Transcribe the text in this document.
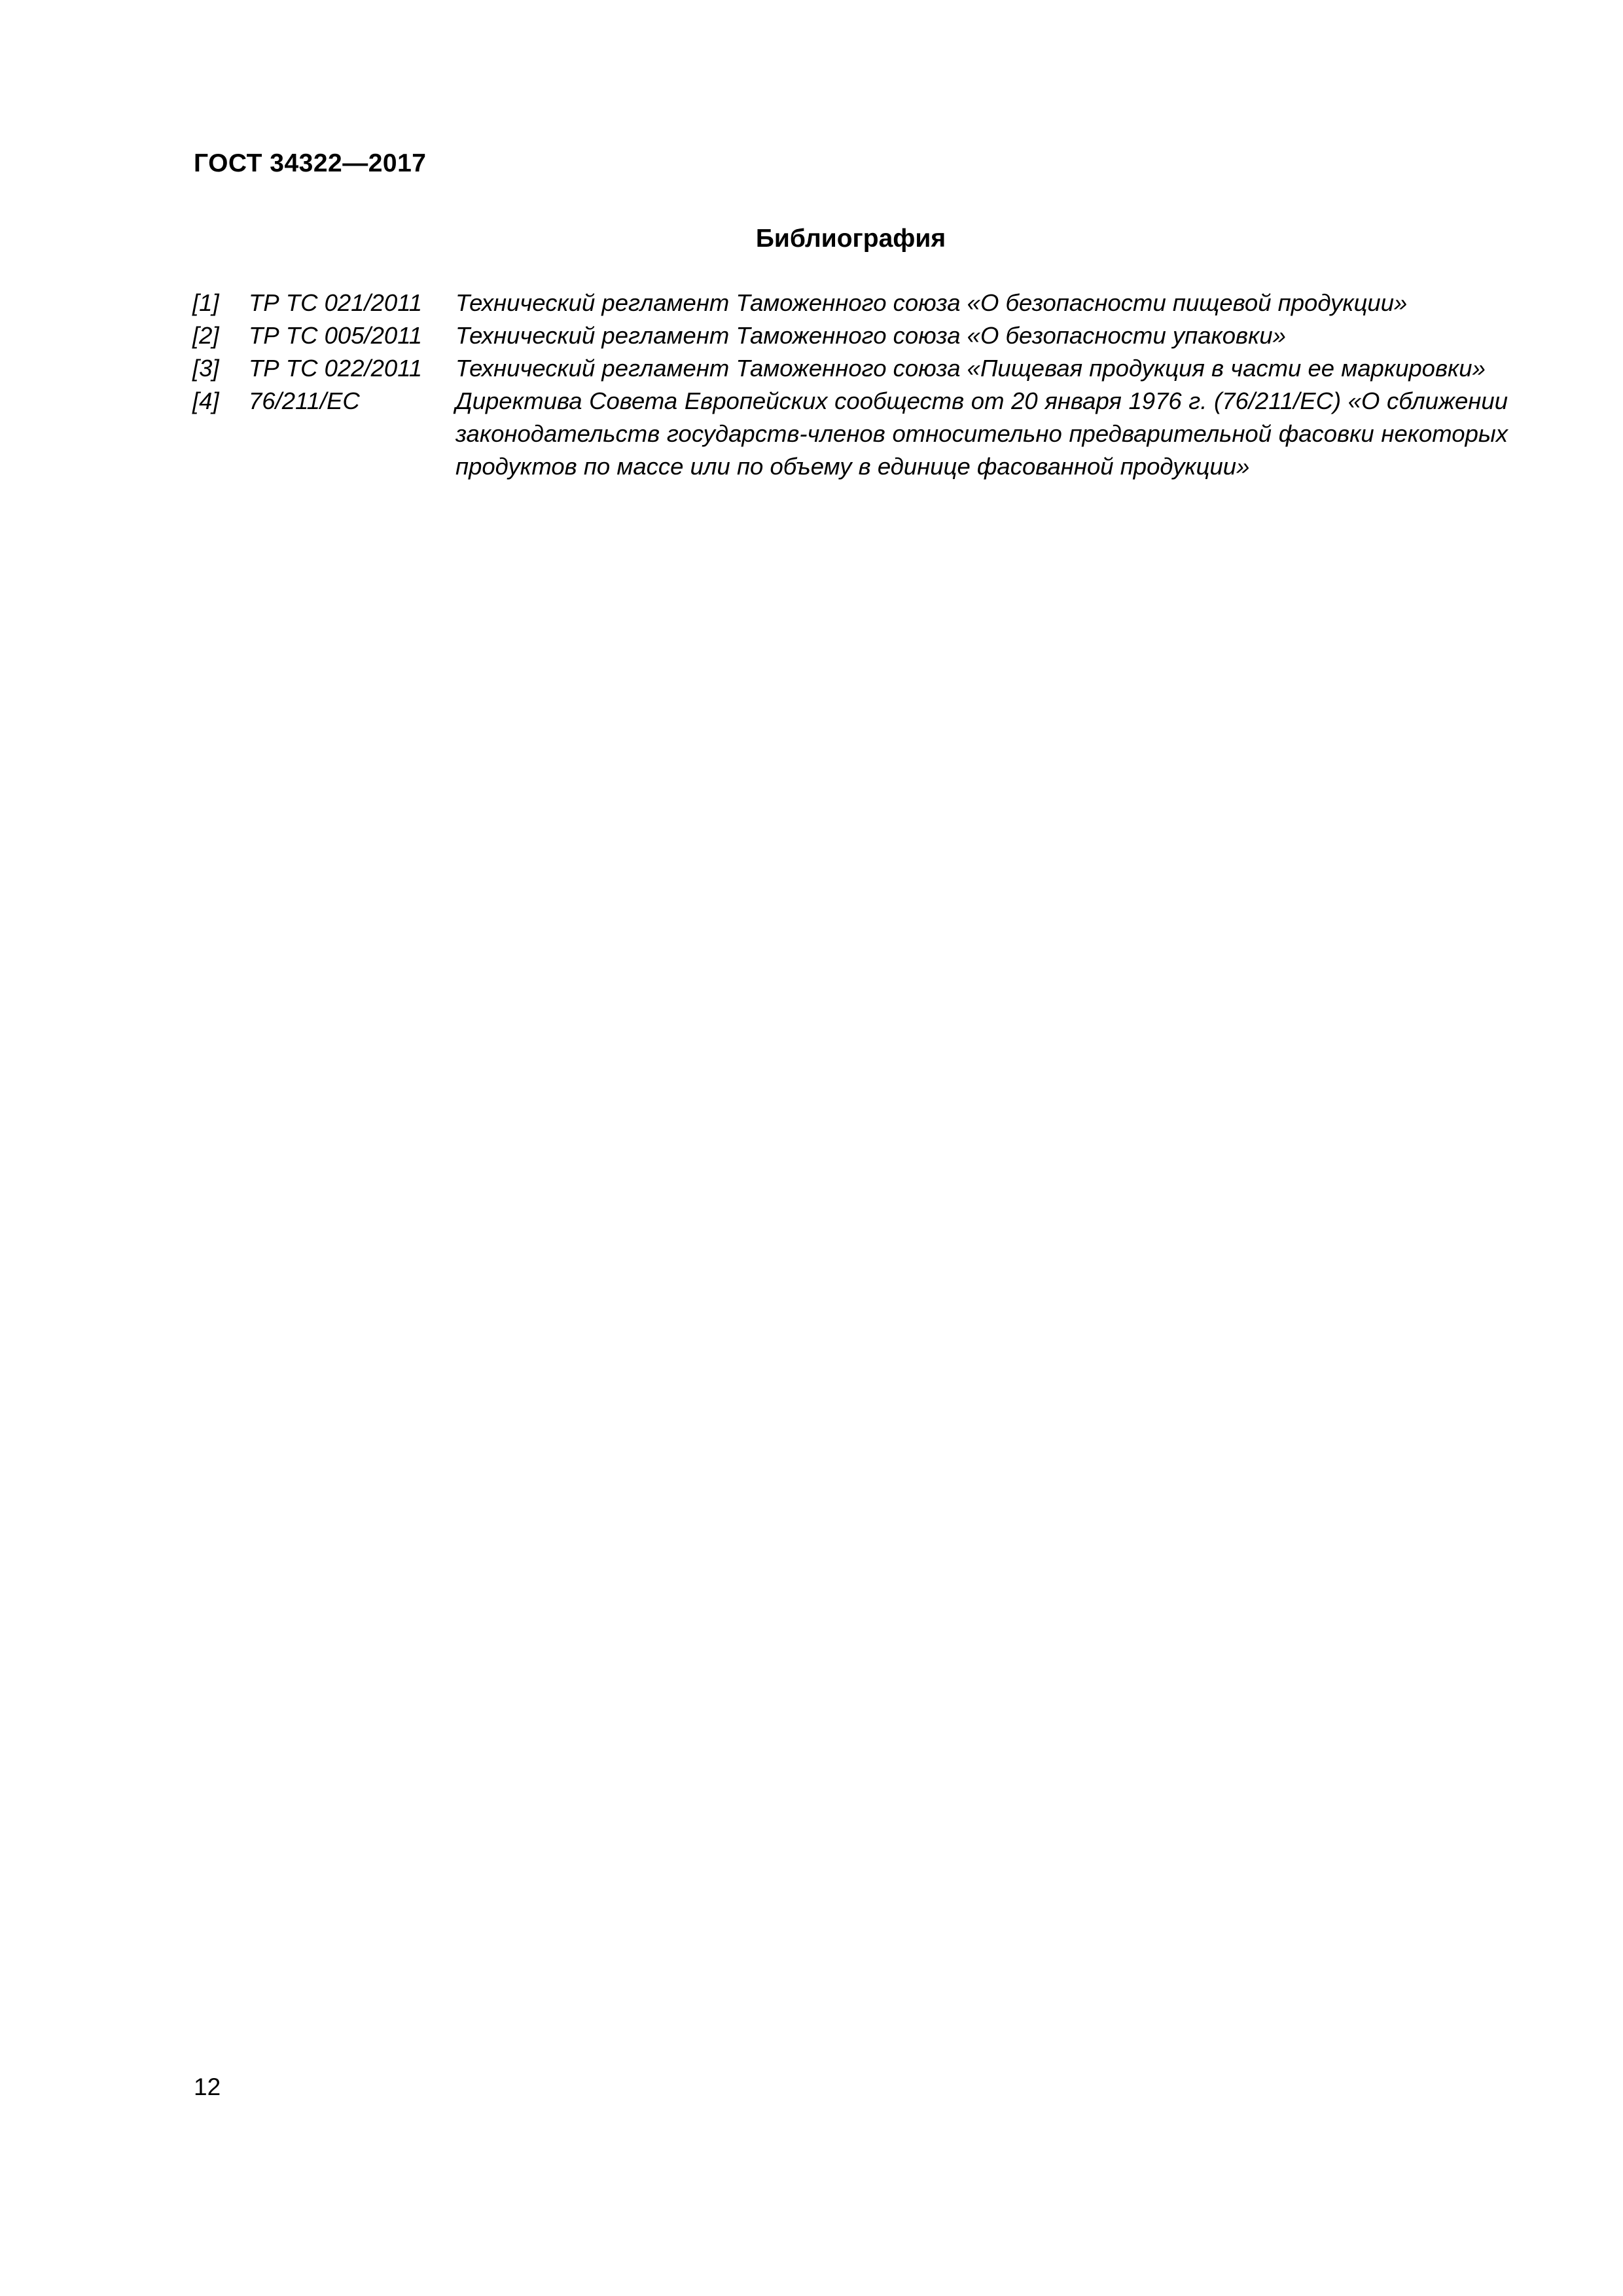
ГОСТ 34322—2017
Библиография
[1] ТР ТС 021/2011 Технический регламент Таможенного союза «О безопасности пищевой продукции»
[2] ТР ТС 005/2011 Технический регламент Таможенного союза «О безопасности упаковки»
[3] ТР ТС 022/2011 Технический регламент Таможенного союза «Пищевая продукция в части ее маркировки»
[4] 76/211/ЕС	Директива Совета Европейских сообществ от 20 января 1976 г. (76/211/ЕС) «О сближении законодательств государств-членов относительно предварительной фасовки некоторых продуктов по массе или по объему в единице фасованной продукции»
12
